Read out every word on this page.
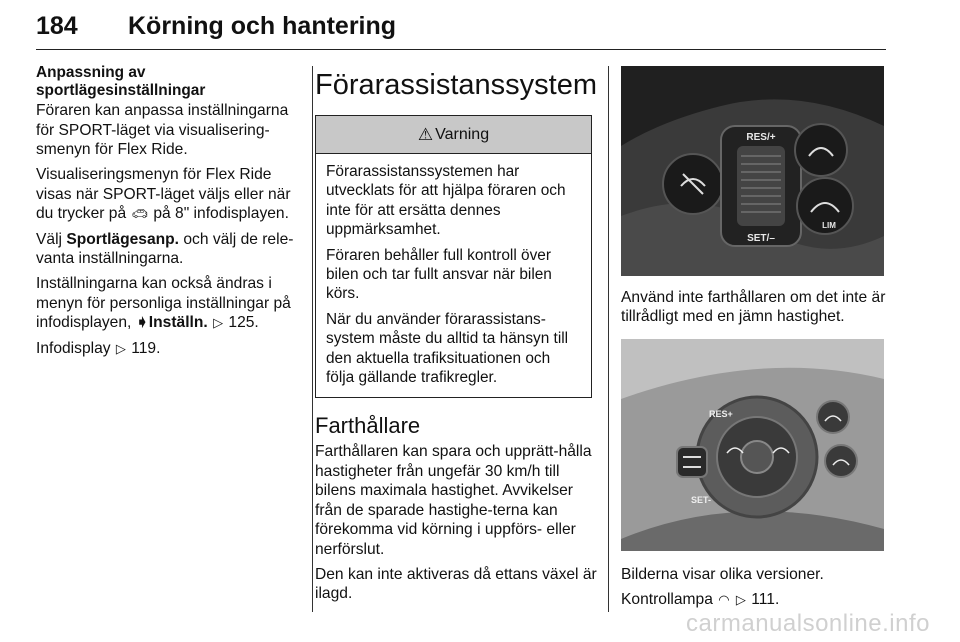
184 Körning och hantering
Anpassning av sportlägesinställningar

Föraren kan anpassa inställningarna för SPORT-läget via visualisering-smenyn för Flex Ride.

Visualiseringsmenyn för Flex Ride visas när SPORT-läget väljs eller när du trycker på 🚗︎ på 8" infodisplayen.

Välj Sportlägesanp. och välj de rele-vanta inställningarna.

Inställningarna kan också ändras i menyn för personliga inställningar på infodisplayen, ➧Inställn. ▷ 125.

Infodisplay ▷ 119.

Förarassistanssystem
⚠ Varning

Förarassistanssystemen har utvecklats för att hjälpa föraren och inte för att ersätta dennes uppmärksamhet.

Föraren behåller full kontroll över bilen och tar fullt ansvar när bilen körs.

När du använder förarassistans-system måste du alltid ta hänsyn till den aktuella trafiksituationen och följa gällande trafikregler.

Farthållare

Farthållaren kan spara och upprätt-hålla hastigheter från ungefär 30 km/h till bilens maximala hastighet. Avvikelser från de sparade hastighe-terna kan förekomma vid körning i uppförs- eller nerförslut.

Den kan inte aktiveras då ettans växel är ilagd.

RES/+
SET/–
LIM

Använd inte farthållaren om det inte är tillrådligt med en jämn hastighet.

RES+
SET-

Bilderna visar olika versioner.

Kontrollampa ◠ ▷ 111.

carmanualsonline.info
